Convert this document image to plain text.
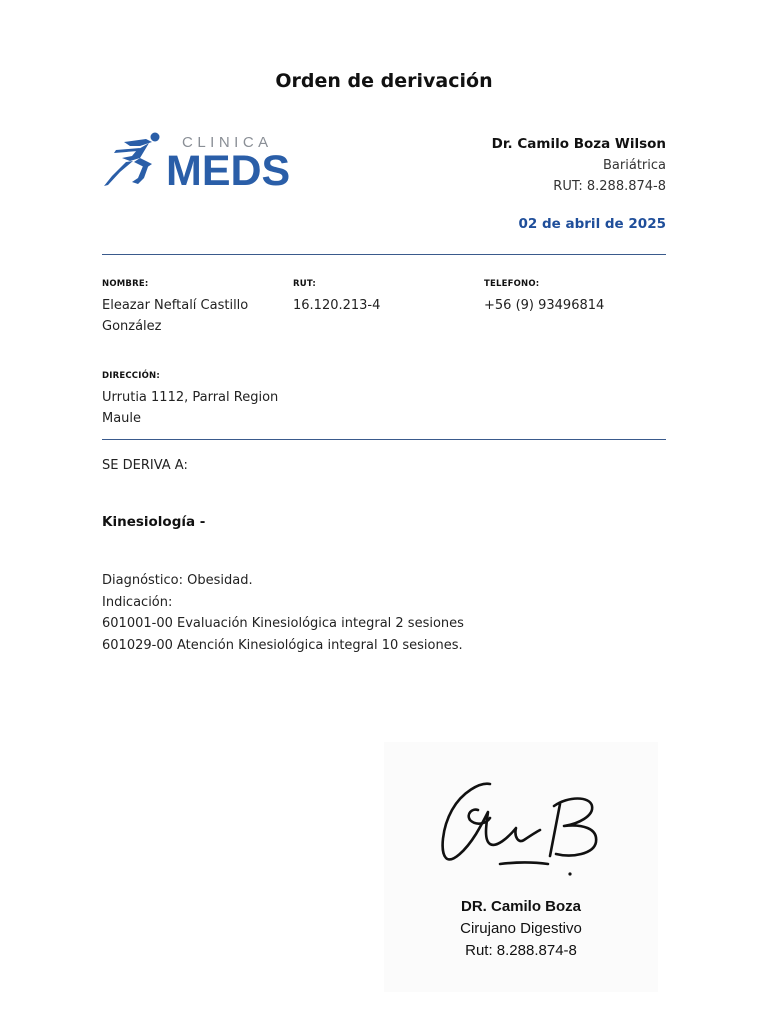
Orden de derivación
CLINICA
MEDS
Dr. Camilo Boza Wilson
Bariátrica
RUT: 8.288.874-8
02 de abril de 2025
NOMBRE:
Eleazar Neftalí Castillo González
RUT:
16.120.213-4
TELEFONO:
+56 (9) 93496814
DIRECCIÓN:
Urrutia 1112, Parral Region Maule
SE DERIVA A:
Kinesiología -
Diagnóstico: Obesidad.
Indicación:
601001-00 Evaluación Kinesiológica integral 2 sesiones
601029-00 Atención Kinesiológica integral 10 sesiones.
DR. Camilo Boza
Cirujano Digestivo
Rut: 8.288.874-8
